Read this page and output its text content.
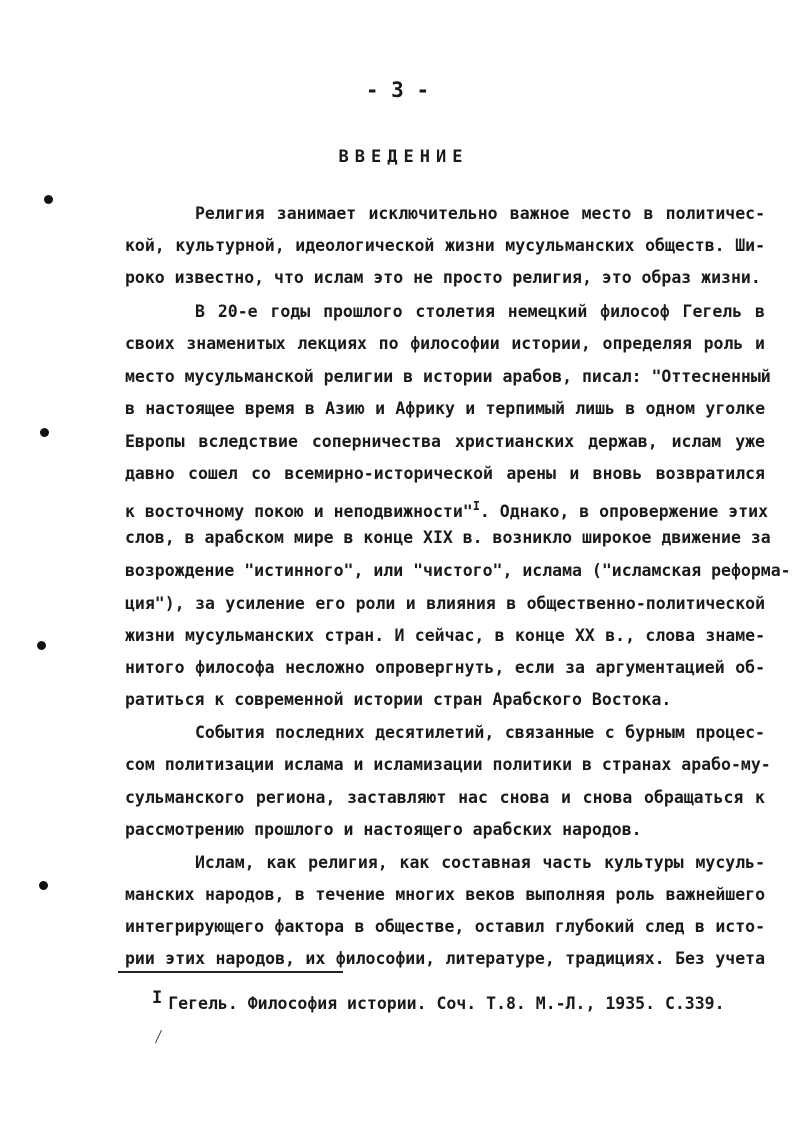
- 3 -
ВВЕДЕНИЕ
Религия занимает исключительно важное место в политичес-
кой, культурной, идеологической жизни мусульманских обществ. Ши-
роко известно, что ислам это не просто религия, это образ жизни.
В 20-е годы прошлого столетия немецкий философ Гегель в
своих знаменитых лекциях по философии истории, определяя роль и
место мусульманской религии в истории арабов, писал: "Оттесненный
в настоящее время в Азию и Африку и терпимый лишь в одном уголке
Европы вследствие соперничества христианских держав, ислам уже
давно сошел со всемирно-исторической арены и вновь возвратился
к восточному покою и неподвижности"$^I$. Однако, в опровержение этих
слов, в арабском мире в конце XIX в. возникло широкое движение за
возрождение "истинного", или "чистого", ислама ("исламская реформа-
ция"), за усиление его роли и влияния в общественно-политической
жизни мусульманских стран. И сейчас, в конце XX в., слова знаме-
нитого философа несложно опровергнуть, если за аргументацией об-
ратиться к современной истории стран Арабского Востока.
События последних десятилетий, связанные с бурным процес-
сом политизации ислама и исламизации политики в странах арабо-му-
сульманского региона, заставляют нас снова и снова обращаться к
рассмотрению прошлого и настоящего арабских народов.
Ислам, как религия, как составная часть культуры мусуль-
манских народов, в течение многих веков выполняя роль важнейшего
интегрирующего фактора в обществе, оставил глубокий след в исто-
рии этих народов, их философии, литературе, традициях. Без учета
I Гегель. Философия истории. Соч. Т.8. М.-Л., 1935. С.339.
